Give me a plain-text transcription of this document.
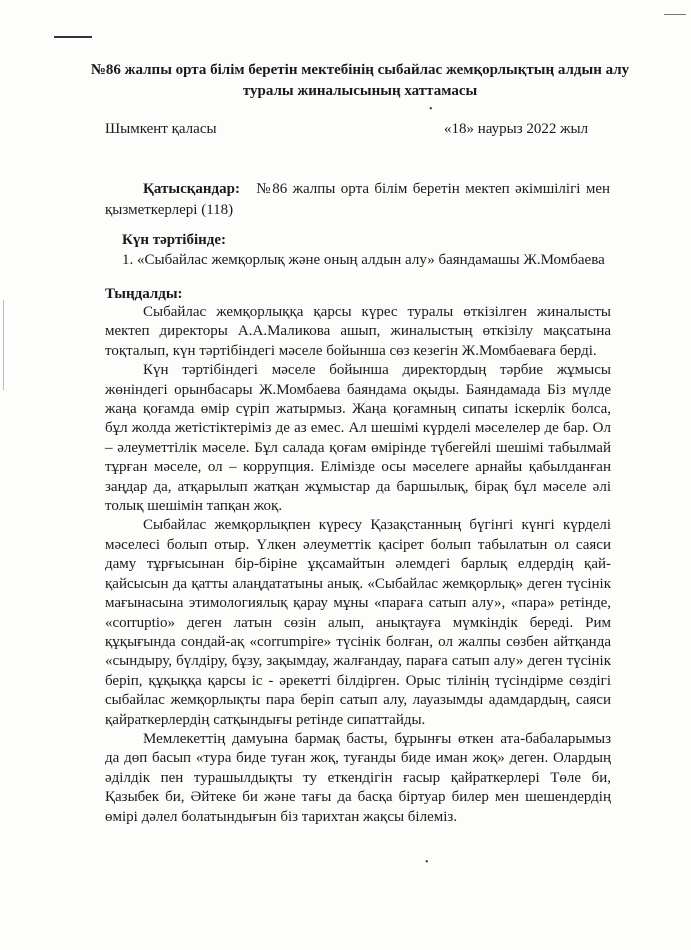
№86 жалпы орта білім беретін мектебінің сыбайлас жемқорлықтың алдын алу туралы жиналысының хаттамасы
•
Шымкент қаласы	«18» наурыз 2022 жыл
Қатысқандар: №86 жалпы орта білім беретін мектеп әкімшілігі мен қызметкерлері (118)
Күн тәртібінде:
1. «Сыбайлас жемқорлық және оның алдын алу» баяндамашы Ж.Момбаева
Тыңдалды:

Сыбайлас жемқорлыққа қарсы күрес туралы өткізілген жиналысты мектеп директоры А.А.Маликова ашып, жиналыстың өткізілу мақсатына тоқталып, күн тәртібіндегі мәселе бойынша сөз кезегін Ж.Момбаеваға берді.

Күн тәртібіндегі мәселе бойынша директордың тәрбие жұмысы жөніндегі орынбасары Ж.Момбаева баяндама оқыды. Баяндамада Біз мүлде жаңа қоғамда өмір сүріп жатырмыз. Жаңа қоғамның сипаты іскерлік болса, бұл жолда жетістіктеріміз де аз емес. Ал шешімі күрделі мәселелер де бар. Ол – әлеуметтілік мәселе. Бұл салада қоғам өмірінде түбегейлі шешімі табылмай тұрған мәселе, ол – коррупция. Елімізде осы мәселеге арнайы қабылданған заңдар да, атқарылып жатқан жұмыстар да баршылық, бірақ бұл мәселе әлі толық шешімін тапқан жоқ.

Сыбайлас жемқорлықпен күресу Қазақстанның бүгінгі күнгі күрделі мәселесі болып отыр. Үлкен әлеуметтік қасірет болып табылатын ол саяси даму тұрғысынан бір-біріне ұқсамайтын әлемдегі барлық елдердің қай-қайсысын да қатты алаңдататыны анық. «Сыбайлас жемқорлық» деген түсінік мағынасына этимологиялық қарау мұны «параға сатып алу», «пара» ретінде, «corruptio» деген латын сөзін алып, анықтауға мүмкіндік береді. Рим құқығында сондай-ақ «corrumpire» түсінік болған, ол жалпы сөзбен айтқанда «сындыру, бүлдіру, бұзу, зақымдау, жалғандау, параға сатып алу» деген түсінік беріп, құқыққа қарсы іс - әрекетті білдірген. Орыс тілінің түсіндірме сөздігі сыбайлас жемқорлықты пара беріп сатып алу, лауазымды адамдардың, саяси қайраткерлердің сатқындығы ретінде сипаттайды.

Мемлекеттің дамуына бармақ басты, бұрынғы өткен ата-бабаларымыз да дөп басып «тура биде туған жоқ, туғанды биде иман жоқ» деген. Олардың әділдік пен турашылдықты ту еткендігін ғасыр қайраткерлері Төле би, Қазыбек би, Әйтеке би және тағы да басқа біртуар билер мен шешендердің өмірі дәлел болатындығын біз тарихтан жақсы білеміз.

•
